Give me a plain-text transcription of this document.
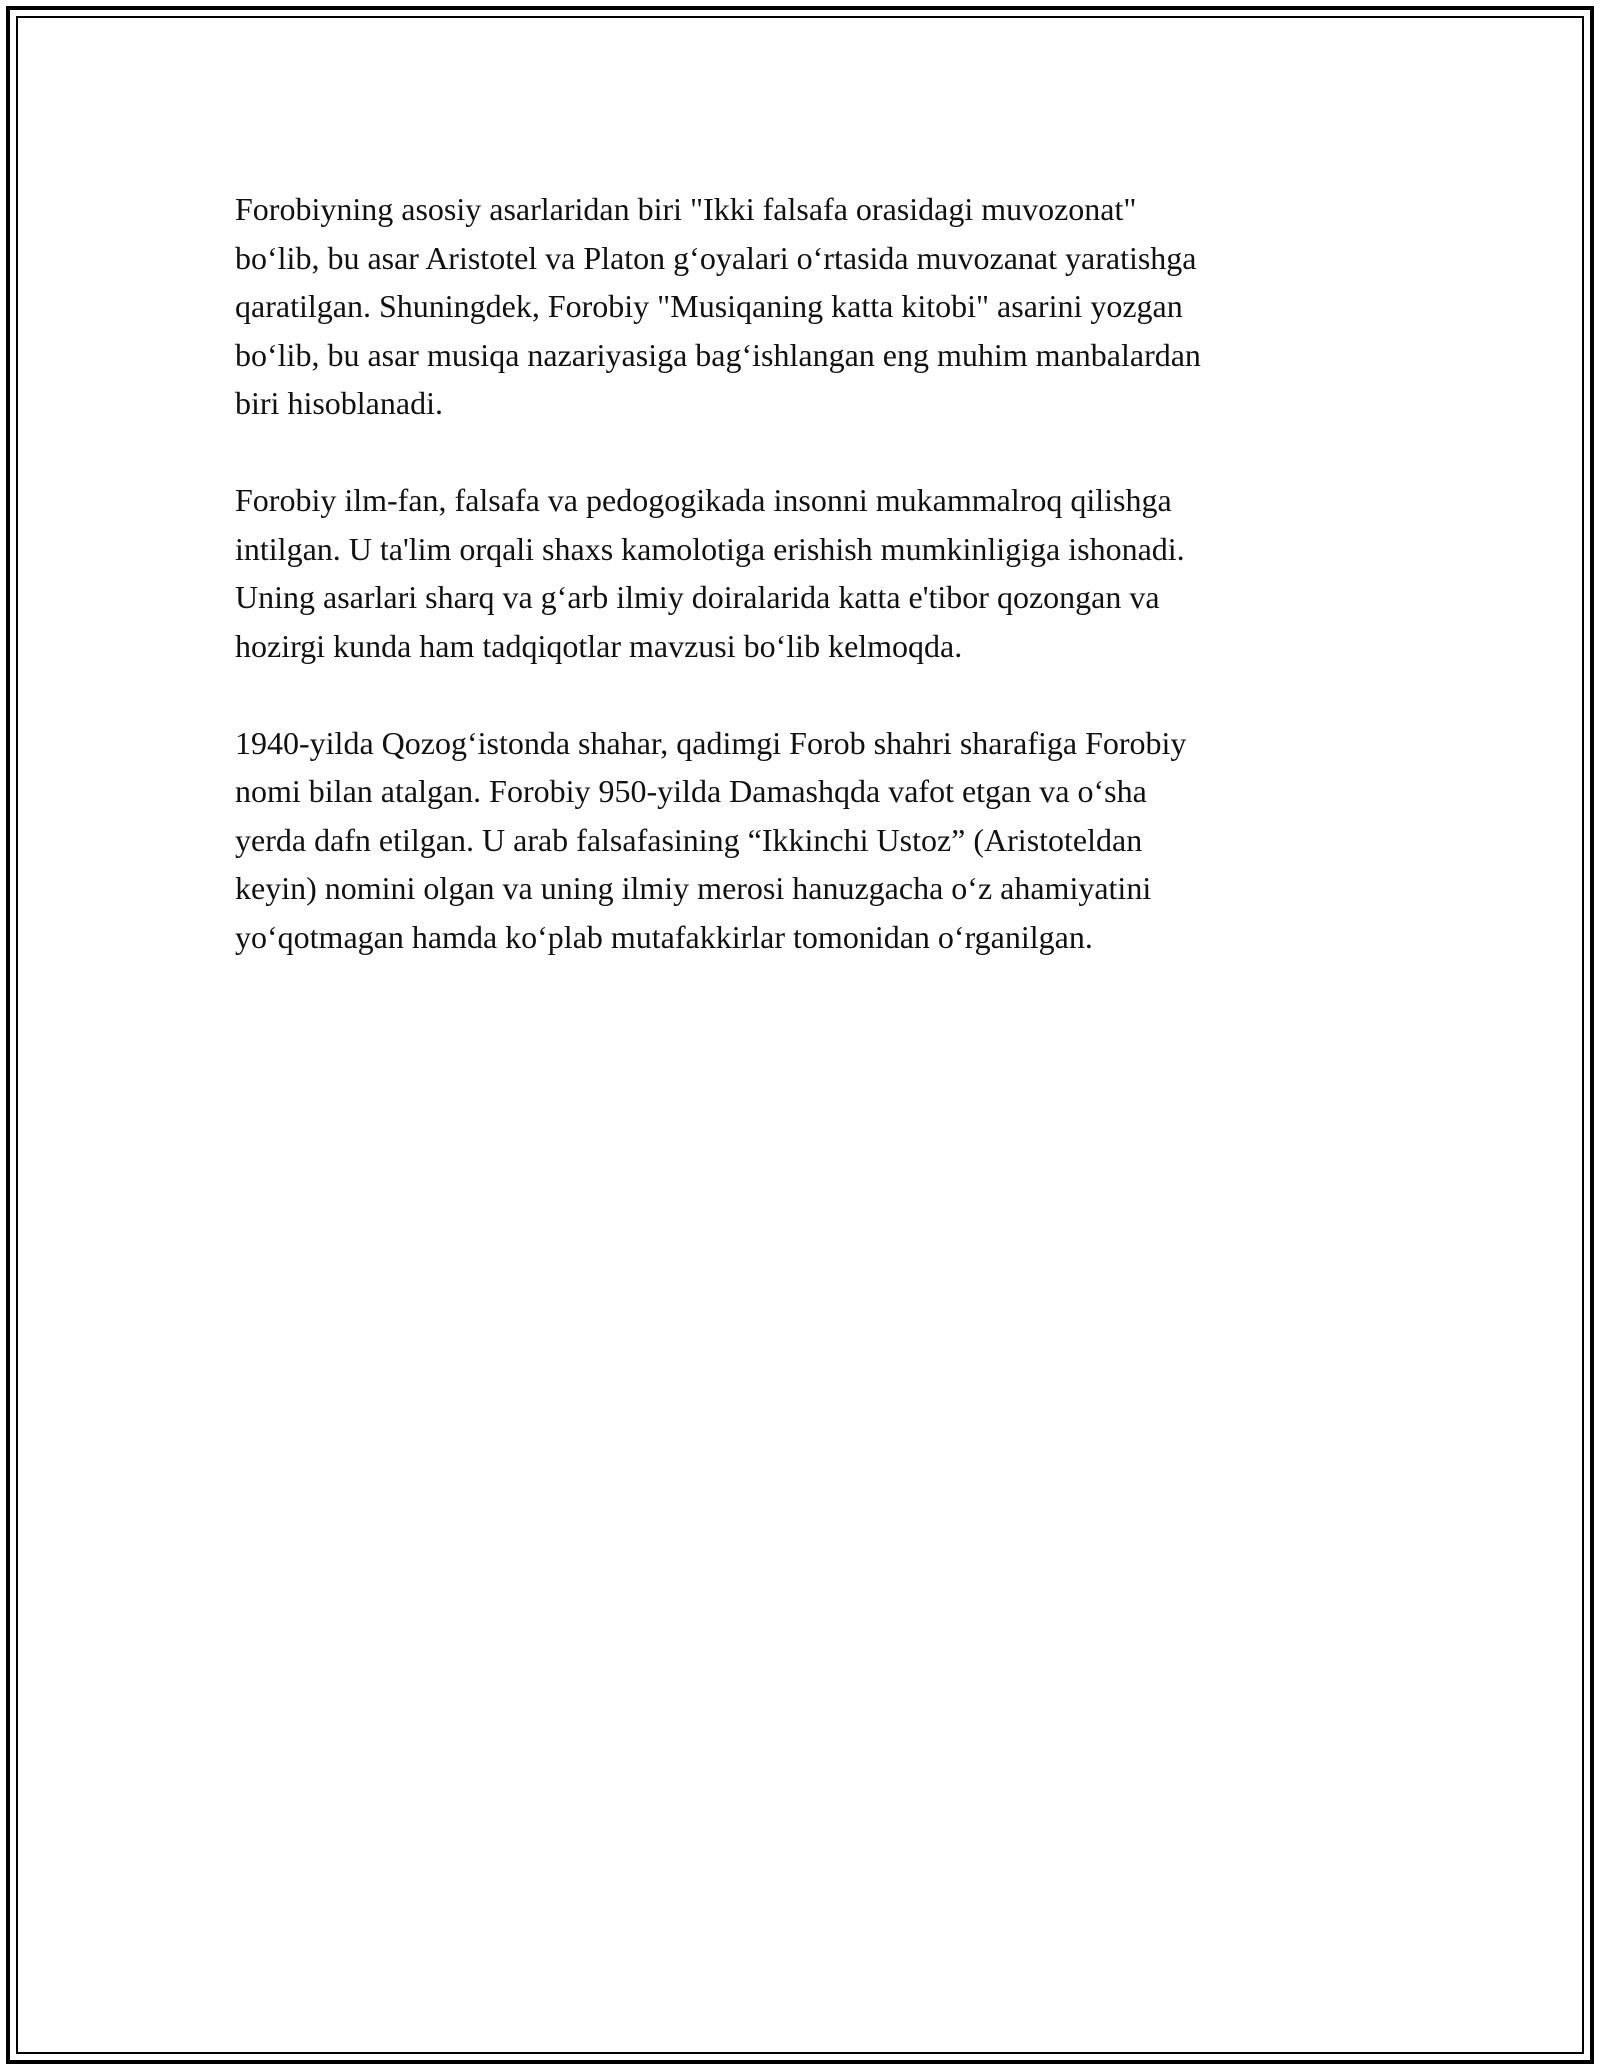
Forobiyning asosiy asarlaridan biri "Ikki falsafa orasidagi muvozonat"
bo‘lib, bu asar Aristotel va Platon g‘oyalari o‘rtasida muvozanat yaratishga
qaratilgan. Shuningdek, Forobiy "Musiqaning katta kitobi" asarini yozgan
bo‘lib, bu asar musiqa nazariyasiga bag‘ishlangan eng muhim manbalardan
biri hisoblanadi.

Forobiy ilm-fan, falsafa va pedogogikada insonni mukammalroq qilishga
intilgan. U ta'lim orqali shaxs kamolotiga erishish mumkinligiga ishonadi.
Uning asarlari sharq va g‘arb ilmiy doiralarida katta e'tibor qozongan va
hozirgi kunda ham tadqiqotlar mavzusi bo‘lib kelmoqda.

1940-yilda Qozog‘istonda shahar, qadimgi Forob shahri sharafiga Forobiy
nomi bilan atalgan. Forobiy 950-yilda Damashqda vafot etgan va o‘sha
yerda dafn etilgan. U arab falsafasining “Ikkinchi Ustoz” (Aristoteldan
keyin) nomini olgan va uning ilmiy merosi hanuzgacha o‘z ahamiyatini
yo‘qotmagan hamda ko‘plab mutafakkirlar tomonidan o‘rganilgan.
